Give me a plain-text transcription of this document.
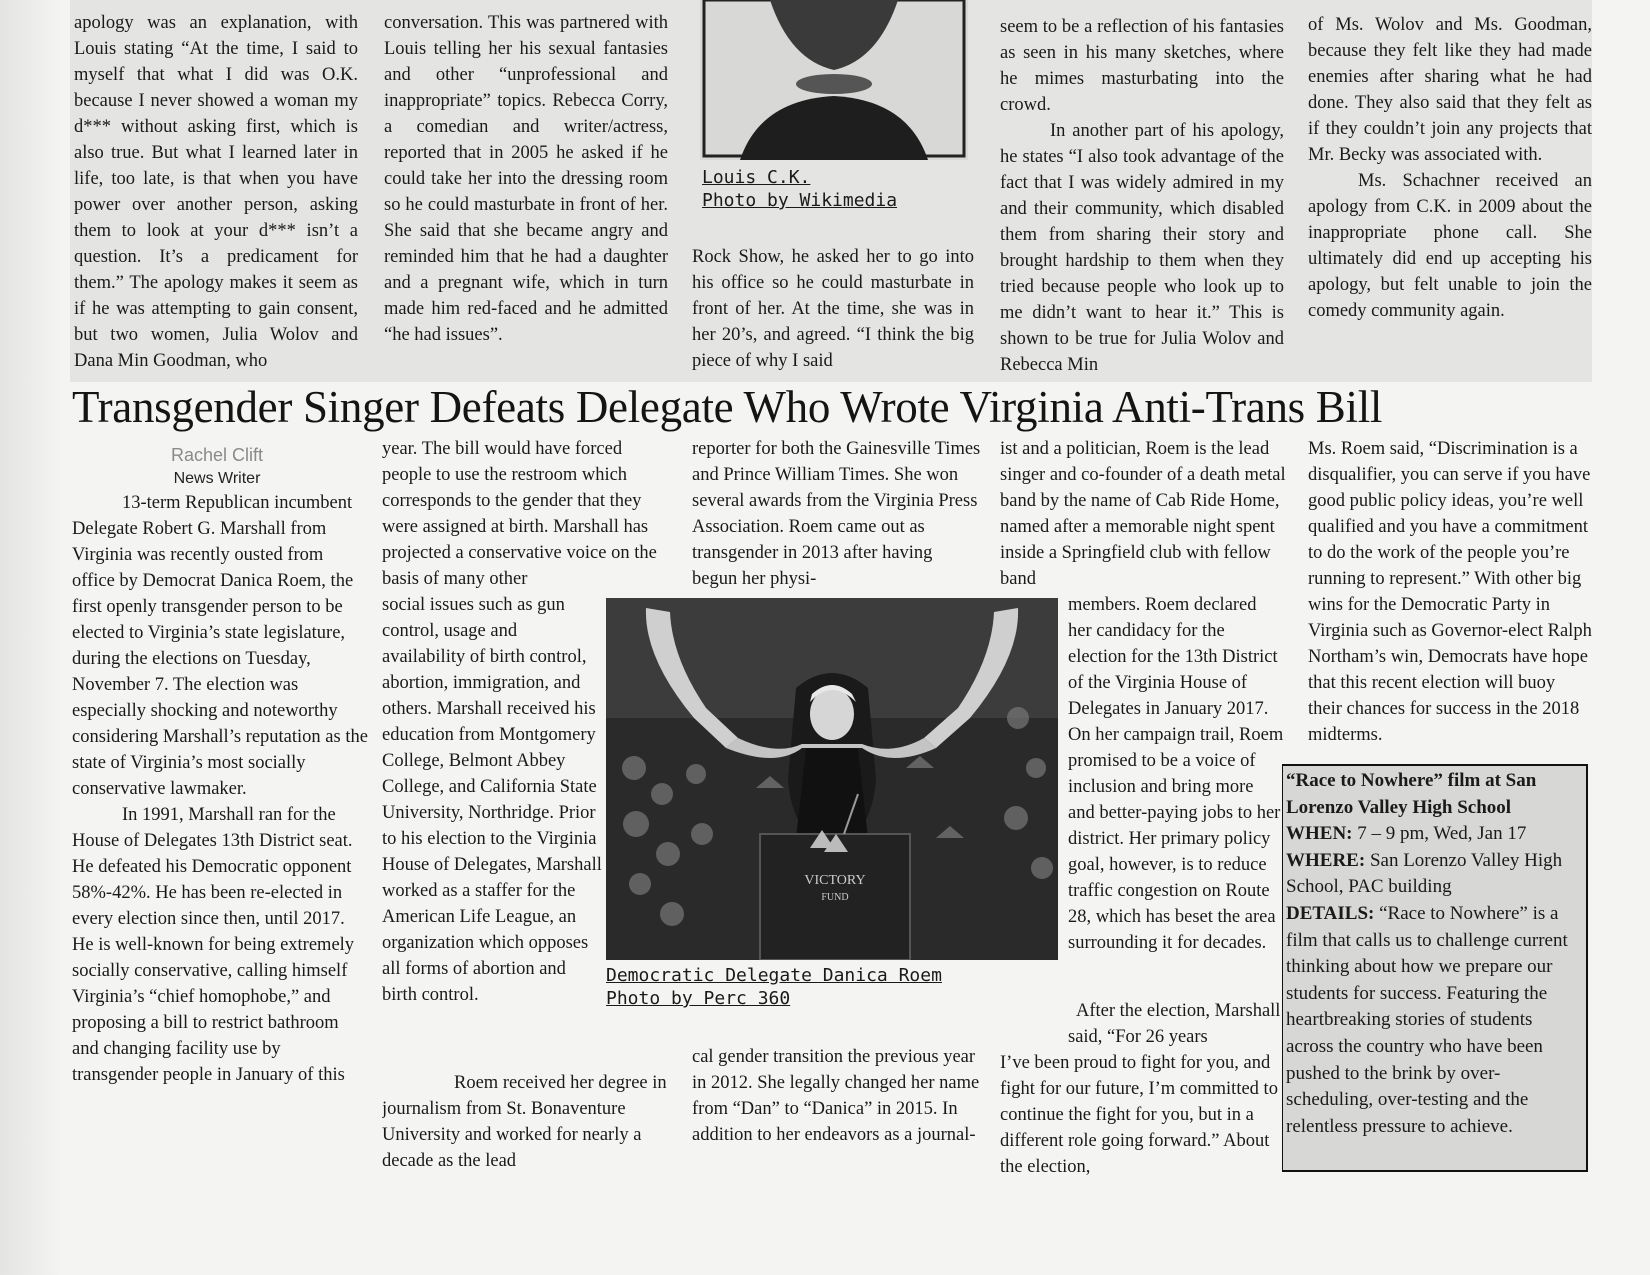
apology was an explanation, with Louis stating “At the time, I said to myself that what I did was O.K. because I never showed a woman my d*** without asking first, which is also true. But what I learned later in life, too late, is that when you have power over another person, asking them to look at your d*** isn’t a question. It’s a predicament for them.” The apology makes it seem as if he was attempting to gain consent, but two women, Julia Wolov and Dana Min Goodman, who

conversation. This was partnered with Louis telling her his sexual fantasies and other “unprofessional and inappropriate” topics. Rebecca Corry, a comedian and writer/actress, reported that in 2005 he asked if he could take her into the dressing room so he could masturbate in front of her. She said that she became angry and reminded him that he had a daughter and a pregnant wife, which in turn made him red-faced and he admitted “he had issues”.

Louis C.K.
Photo by Wikimedia

Rock Show, he asked her to go into his office so he could masturbate in front of her. At the time, she was in her 20’s, and agreed. “I think the big piece of why I said

seem to be a reflection of his fantasies as seen in his many sketches, where he mimes masturbating into the crowd.

In another part of his apology, he states “I also took advantage of the fact that I was widely admired in my and their community, which disabled them from sharing their story and brought hardship to them when they tried because people who look up to me didn’t want to hear it.” This is shown to be true for Julia Wolov and Rebecca Min

of Ms. Wolov and Ms. Goodman, because they felt like they had made enemies after sharing what he had done. They also said that they felt as if they couldn’t join any projects that Mr. Becky was associated with.

Ms. Schachner received an apology from C.K. in 2009 about the inappropriate phone call. She ultimately did end up accepting his apology, but felt unable to join the comedy community again.

Transgender Singer Defeats Delegate Who Wrote Virginia Anti-Trans Bill
Rachel Clift
News Writer

13-term Republican incumbent Delegate Robert G. Marshall from Virginia was recently ousted from office by Democrat Danica Roem, the first openly transgender person to be elected to Virginia’s state legislature, during the elections on Tuesday, November 7. The election was especially shocking and noteworthy considering Marshall’s reputation as the state of Virginia’s most socially conservative lawmaker.

In 1991, Marshall ran for the House of Delegates 13th District seat. He defeated his Democratic opponent 58%-42%. He has been re-elected in every election since then, until 2017. He is well-known for being extremely socially conservative, calling himself Virginia’s “chief homophobe,” and proposing a bill to restrict bathroom and changing facility use by transgender people in January of this

year. The bill would have forced people to use the restroom which corresponds to the gender that they were assigned at birth. Marshall has projected a conservative voice on the basis of many other

social issues such as gun control, usage and availability of birth control, abortion, immigration, and others. Marshall received his education from Montgomery College, Belmont Abbey College, and California State University, Northridge. Prior to his election to the Virginia House of Delegates, Marshall worked as a staffer for the American Life League, an organization which opposes all forms of abortion and birth control.

Roem received her degree in journalism from St. Bonaventure University and worked for nearly a decade as the lead

reporter for both the Gainesville Times and Prince William Times. She won several awards from the Virginia Press Association. Roem came out as transgender in 2013 after having begun her physi-

cal gender transition the previous year in 2012. She legally changed her name from “Dan” to “Danica” in 2015. In addition to her endeavors as a journal-

VICTORY
FUND
Democratic Delegate Danica Roem
Photo by Perc 360

ist and a politician, Roem is the lead singer and co-founder of a death metal band by the name of Cab Ride Home, named after a memorable night spent inside a Springfield club with fellow band

members. Roem declared her candidacy for the election for the 13th District of the Virginia House of Delegates in January 2017. On her campaign trail, Roem promised to be a voice of inclusion and bring more and better-paying jobs to her district. Her primary policy goal, however, is to reduce traffic congestion on Route 28, which has beset the area surrounding it for decades.

After the election, Marshall said, “For 26 years

I’ve been proud to fight for you, and fight for our future, I’m committed to continue the fight for you, but in a different role going forward.” About the election,

Ms. Roem said, “Discrimination is a disqualifier, you can serve if you have good public policy ideas, you’re well qualified and you have a commitment to do the work of the people you’re running to represent.” With other big wins for the Democratic Party in Virginia such as Governor-elect Ralph Northam’s win, Democrats have hope that this recent election will buoy their chances for success in the 2018 midterms.

“Race to Nowhere” film at San Lorenzo Valley High School

WHEN: 7 – 9 pm, Wed, Jan 17

WHERE: San Lorenzo Valley High School, PAC building

DETAILS: “Race to Nowhere” is a film that calls us to challenge current thinking about how we prepare our students for success. Featuring the heartbreaking stories of students across the country who have been pushed to the brink by over-scheduling, over-testing and the relentless pressure to achieve.
